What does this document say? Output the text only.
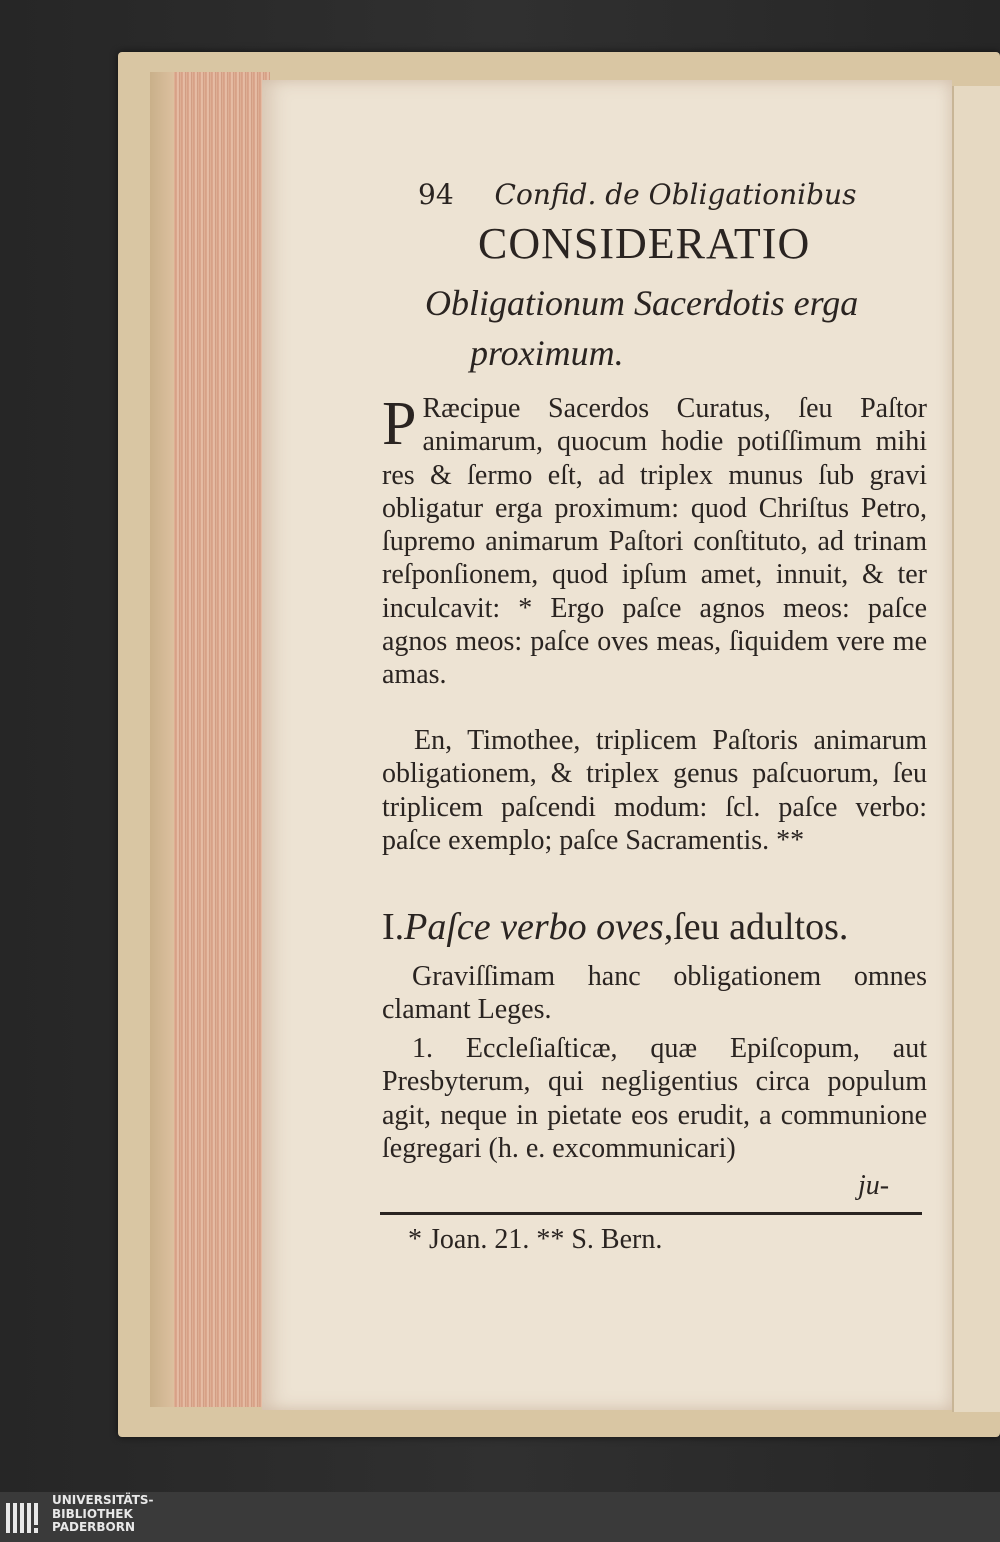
94 Confid. de Obligationibus
CONSIDERATIO
Obligationum Sacerdotis erga
proximum.
P Ræcipue Sacerdos Curatus, ſeu Paſtor animarum, quocum hodie potiſſimum mihi res & ſermo eſt, ad triplex munus ſub gravi obligatur erga proximum: quod Chriſtus Petro, ſupremo animarum Paſtori conſtituto, ad trinam reſponſionem, quod ipſum amet, innuit, & ter inculcavit: * Ergo paſce agnos meos: paſce agnos meos: paſce oves meas, ſiquidem vere me amas.
En, Timothee, triplicem Paſtoris animarum obligationem, & triplex genus paſcuorum, ſeu triplicem paſcendi modum: ſcl. paſce verbo: paſce exemplo; paſce Sacramentis. **
I.Paſce verbo oves,ſeu adultos.
Graviſſimam hanc obligationem omnes clamant Leges.
1. Eccleſiaſticæ, quæ Epiſcopum, aut Presbyterum, qui negligentius circa populum agit, neque in pietate eos erudit, a communione ſegregari (h. e. excommunicari)
ju-
* Joan. 21. ** S. Bern.
UNIVERSITÄTS-
BIBLIOTHEK
PADERBORN
